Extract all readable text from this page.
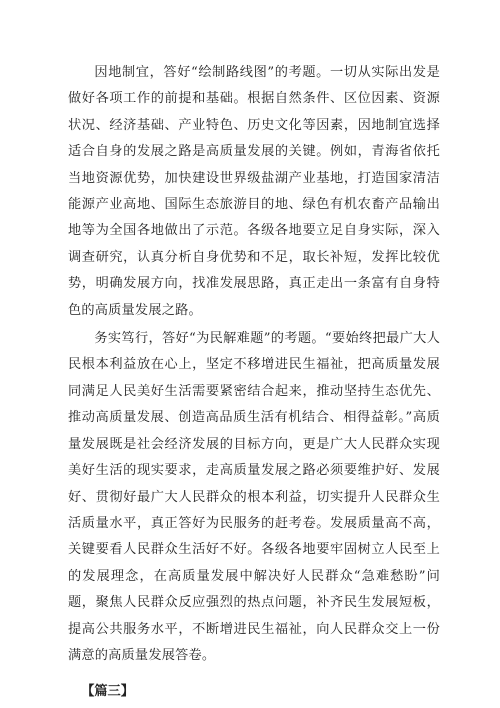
因地制宜，答好“绘制路线图”的考题。一切从实际出发是做好各项工作的前提和基础。根据自然条件、区位因素、资源状况、经济基础、产业特色、历史文化等因素，因地制宜选择适合自身的发展之路是高质量发展的关键。例如，青海省依托当地资源优势，加快建设世界级盐湖产业基地，打造国家清洁能源产业高地、国际生态旅游目的地、绿色有机农畜产品输出地等为全国各地做出了示范。各级各地要立足自身实际，深入调查研究，认真分析自身优势和不足，取长补短，发挥比较优势，明确发展方向，找准发展思路，真正走出一条富有自身特色的高质量发展之路。

务实笃行，答好“为民解难题”的考题。“要始终把最广大人民根本利益放在心上，坚定不移增进民生福祉，把高质量发展同满足人民美好生活需要紧密结合起来，推动坚持生态优先、推动高质量发展、创造高品质生活有机结合、相得益彰。”高质量发展既是社会经济发展的目标方向，更是广大人民群众实现美好生活的现实要求，走高质量发展之路必须要维护好、发展好、贯彻好最广大人民群众的根本利益，切实提升人民群众生活质量水平，真正答好为民服务的赶考卷。发展质量高不高，关键要看人民群众生活好不好。各级各地要牢固树立人民至上的发展理念，在高质量发展中解决好人民群众“急难愁盼”问题，聚焦人民群众反应强烈的热点问题，补齐民生发展短板，提高公共服务水平，不断增进民生福祉，向人民群众交上一份满意的高质量发展答卷。

【篇三】
